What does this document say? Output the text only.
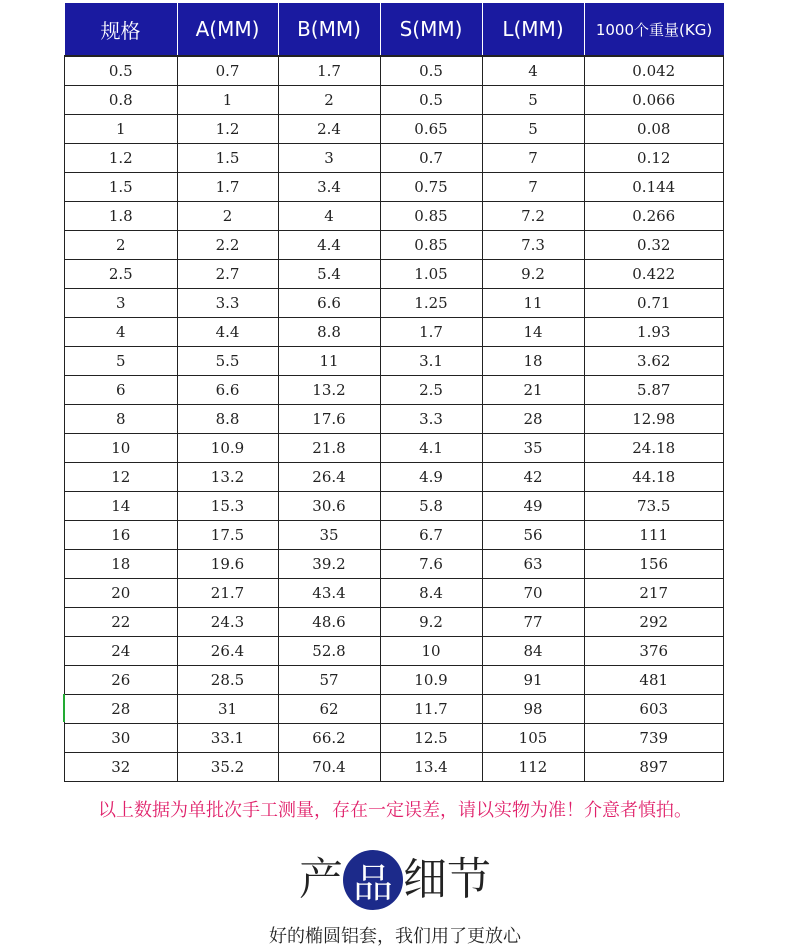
规格	A(MM)	B(MM)	S(MM)	L(MM)	1000个重量(KG)
0.5	0.7	1.7	0.5	4	0.042
0.8	1	2	0.5	5	0.066
1	1.2	2.4	0.65	5	0.08
1.2	1.5	3	0.7	7	0.12
1.5	1.7	3.4	0.75	7	0.144
1.8	2	4	0.85	7.2	0.266
2	2.2	4.4	0.85	7.3	0.32
2.5	2.7	5.4	1.05	9.2	0.422
3	3.3	6.6	1.25	11	0.71
4	4.4	8.8	1.7	14	1.93
5	5.5	11	3.1	18	3.62
6	6.6	13.2	2.5	21	5.87
8	8.8	17.6	3.3	28	12.98
10	10.9	21.8	4.1	35	24.18
12	13.2	26.4	4.9	42	44.18
14	15.3	30.6	5.8	49	73.5
16	17.5	35	6.7	56	111
18	19.6	39.2	7.6	63	156
20	21.7	43.4	8.4	70	217
22	24.3	48.6	9.2	77	292
24	26.4	52.8	10	84	376
26	28.5	57	10.9	91	481
28	31	62	11.7	98	603
30	33.1	66.2	12.5	105	739
32	35.2	70.4	13.4	112	897
以上数据为单批次手工测量，存在一定误差，请以实物为准！介意者慎拍。
产 品 细节
好的椭圆铝套，我们用了更放心
